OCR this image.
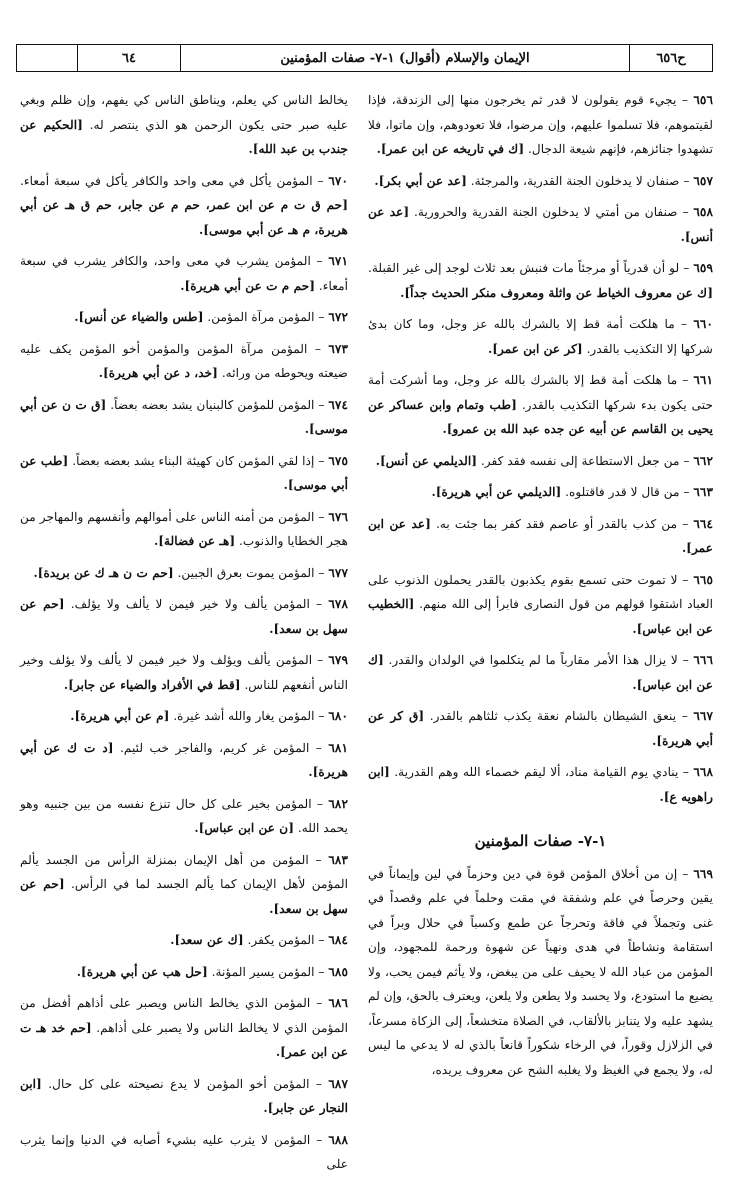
ح٦٥٦
الإيمان والإسلام (أقوال) ١-٧- صفات المؤمنين
٦٤

٦٥٦ – يجيء قوم يقولون لا قدر ثم يخرجون منها إلى الزندقة، فإذا لقيتموهم، فلا تسلموا عليهم، وإن مرضوا، فلا تعودوهم، وإن ماتوا، فلا تشهدوا جنائزهم، فإنهم شيعة الدجال. [ك في تاريخه عن ابن عمر].

٦٥٧ – صنفان لا يدخلون الجنة القدرية، والمرجئة. [عد عن أبي بكر].

٦٥٨ – صنفان من أمتي لا يدخلون الجنة القدرية والحرورية. [عد عن أنس].

٦٥٩ – لو أن قدرياً أو مرجئاً مات فنبش بعد ثلاث لوجد إلى غير القبلة. [ك عن معروف الخياط عن واثلة ومعروف منكر الحديث جداً].

٦٦٠ – ما هلكت أمة قط إلا بالشرك بالله عز وجل، وما كان بدئ شركها إلا التكذيب بالقدر. [كر عن ابن عمر].

٦٦١ – ما هلكت أمة قط إلا بالشرك بالله عز وجل، وما أشركت أمة حتى يكون بدء شركها التكذيب بالقدر. [طب وتمام وابن عساكر عن يحيى بن القاسم عن أبيه عن جده عبد الله بن عمرو].

٦٦٢ – من جعل الاستطاعة إلى نفسه فقد كفر. [الديلمي عن أنس].

٦٦٣ – من قال لا قدر فاقتلوه. [الديلمي عن أبي هريرة].

٦٦٤ – من كذب بالقدر أو عاصم فقد كفر بما جئت به. [عد عن ابن عمر].

٦٦٥ – لا تموت حتى تسمع بقوم يكذبون بالقدر يحملون الذنوب على العباد اشتقوا قولهم من قول النصارى فابرأ إلى الله منهم. [الخطيب عن ابن عباس].

٦٦٦ – لا يزال هذا الأمر مقارباً ما لم يتكلموا في الولدان والقدر. [ك عن ابن عباس].

٦٦٧ – ينعق الشيطان بالشام نعقة يكذب ثلثاهم بالقدر. [ق كر عن أبي هريرة].

٦٦٨ – ينادي يوم القيامة مناد، ألا ليقم خصماء الله وهم القدرية. [ابن راهويه ع].

١-٧- صفات المؤمنين

٦٦٩ – إن من أخلاق المؤمن قوة في دين وحزماً في لين وإيماناً في يقين وحرصاً في علم وشفقة في مقت وحلماً في علم وقصداً في غنى وتجملاً في فاقة وتحرجاً عن طمع وكسباً في حلال وبراً في استقامة ونشاطاً في هدى ونهياً عن شهوة ورحمة للمجهود، وإن المؤمن من عباد الله لا يحيف على من يبغض، ولا يأثم فيمن يحب، ولا يضيع ما استودع، ولا يحسد ولا يطعن ولا يلعن، ويعترف بالحق، وإن لم يشهد عليه ولا يتنابز بالألقاب، في الصلاة متخشعاً، إلى الزكاة مسرعاً، في الزلازل وقوراً، في الرخاء شكوراً قانعاً بالذي له لا يدعي ما ليس له، ولا يجمع في الغيظ ولا يغلبه الشح عن معروف يريده،

يخالط الناس كي يعلم، ويناطق الناس كي يفهم، وإن ظلم وبغي عليه صبر حتى يكون الرحمن هو الذي ينتصر له. [الحكيم عن جندب بن عبد الله].

٦٧٠ – المؤمن يأكل في معى واحد والكافر يأكل في سبعة أمعاء. [حم ق ت م عن ابن عمر، حم م عن جابر، حم ق هـ عن أبي هريرة، م هـ عن أبي موسى].

٦٧١ – المؤمن يشرب في معى واحد، والكافر يشرب في سبعة أمعاء. [حم م ت عن أبي هريرة].

٦٧٢ – المؤمن مرآة المؤمن. [طس والضياء عن أنس].

٦٧٣ – المؤمن مرآة المؤمن والمؤمن أخو المؤمن يكف عليه ضيعته ويحوطه من ورائه. [خد، د عن أبي هريرة].

٦٧٤ – المؤمن للمؤمن كالبنيان يشد بعضه بعضاً. [ق ت ن عن أبي موسى].

٦٧٥ – إذا لقي المؤمن كان كهيئة البناء يشد بعضه بعضاً. [طب عن أبي موسى].

٦٧٦ – المؤمن من أمنه الناس على أموالهم وأنفسهم والمهاجر من هجر الخطايا والذنوب. [هـ عن فضالة].

٦٧٧ – المؤمن يموت بعرق الجبين. [حم ت ن هـ ك عن بريدة].

٦٧٨ – المؤمن يألف ولا خير فيمن لا يألف ولا يؤلف. [حم عن سهل بن سعد].

٦٧٩ – المؤمن يألف ويؤلف ولا خير فيمن لا يألف ولا يؤلف وخير الناس أنفعهم للناس. [قط في الأفراد والضياء عن جابر].

٦٨٠ – المؤمن يغار والله أشد غيرة. [م عن أبي هريرة].

٦٨١ – المؤمن غر كريم، والفاجر خب لئيم. [د ت ك عن أبي هريرة].

٦٨٢ – المؤمن بخير على كل حال تنزع نفسه من بين جنبيه وهو يحمد الله. [ن عن ابن عباس].

٦٨٣ – المؤمن من أهل الإيمان بمنزلة الرأس من الجسد يألم المؤمن لأهل الإيمان كما يألم الجسد لما في الرأس. [حم عن سهل بن سعد].

٦٨٤ – المؤمن يكفر. [ك عن سعد].

٦٨٥ – المؤمن يسير المؤنة. [حل هب عن أبي هريرة].

٦٨٦ – المؤمن الذي يخالط الناس ويصبر على أذاهم أفضل من المؤمن الذي لا يخالط الناس ولا يصبر على أذاهم. [حم خد هـ ت عن ابن عمر].

٦٨٧ – المؤمن أخو المؤمن لا يدع نصيحته على كل حال. [ابن النجار عن جابر].

٦٨٨ – المؤمن لا يثرب عليه بشيء أصابه في الدنيا وإنما يثرب على
